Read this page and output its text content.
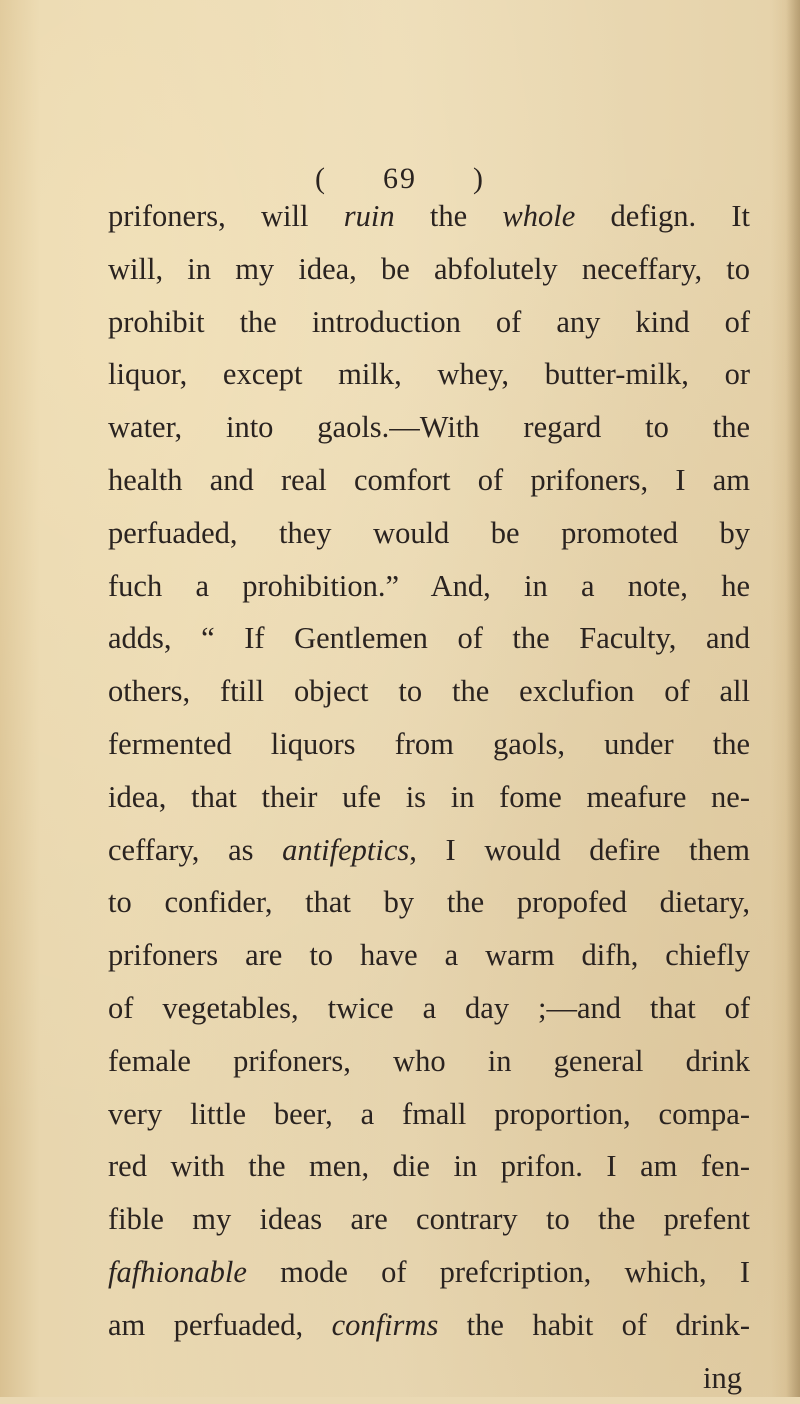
( 69 )
prifoners, will ruin the whole defign. It
will, in my idea, be abfolutely neceffary, to
prohibit the introduction of any kind of
liquor, except milk, whey, butter-milk, or
water, into gaols.—With regard to the
health and real comfort of prifoners, I am
perfuaded, they would be promoted by
fuch a prohibition.” And, in a note, he
adds, “ If Gentlemen of the Faculty, and
others, ftill object to the exclufion of all
fermented liquors from gaols, under the
idea, that their ufe is in fome meafure ne-
ceffary, as antifeptics, I would defire them
to confider, that by the propofed dietary,
prifoners are to have a warm difh, chiefly
of vegetables, twice a day ;—and that of
female prifoners, who in general drink
very little beer, a fmall proportion, compa-
red with the men, die in prifon. I am fen-
fible my ideas are contrary to the prefent
fafhionable mode of prefcription, which, I
am perfuaded, confirms the habit of drink-
ing
